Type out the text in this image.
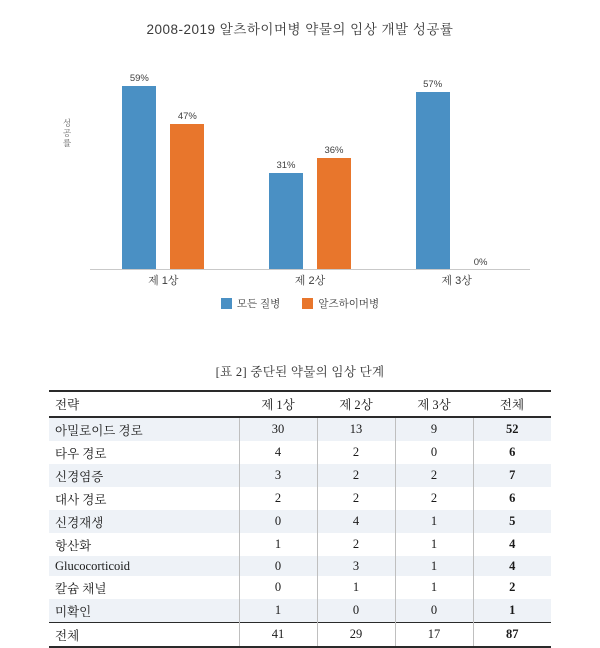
2008-2019 알츠하이머병 약물의 임상 개발 성공률
성공률
59%
47%
31%
36%
57%
0%
제 1상	제 2상	제 3상
모든 질병	알즈하이머병
[표 2] 중단된 약물의 임상 단계
전략	제 1상	제 2상	제 3상	전체
아밀로이드 경로	30	13	9	52
타우 경로	4	2	0	6
신경염증	3	2	2	7
대사 경로	2	2	2	6
신경재생	0	4	1	5
항산화	1	2	1	4
Glucocorticoid	0	3	1	4
칼슘 채널	0	1	1	2
미확인	1	0	0	1
전체	41	29	17	87
